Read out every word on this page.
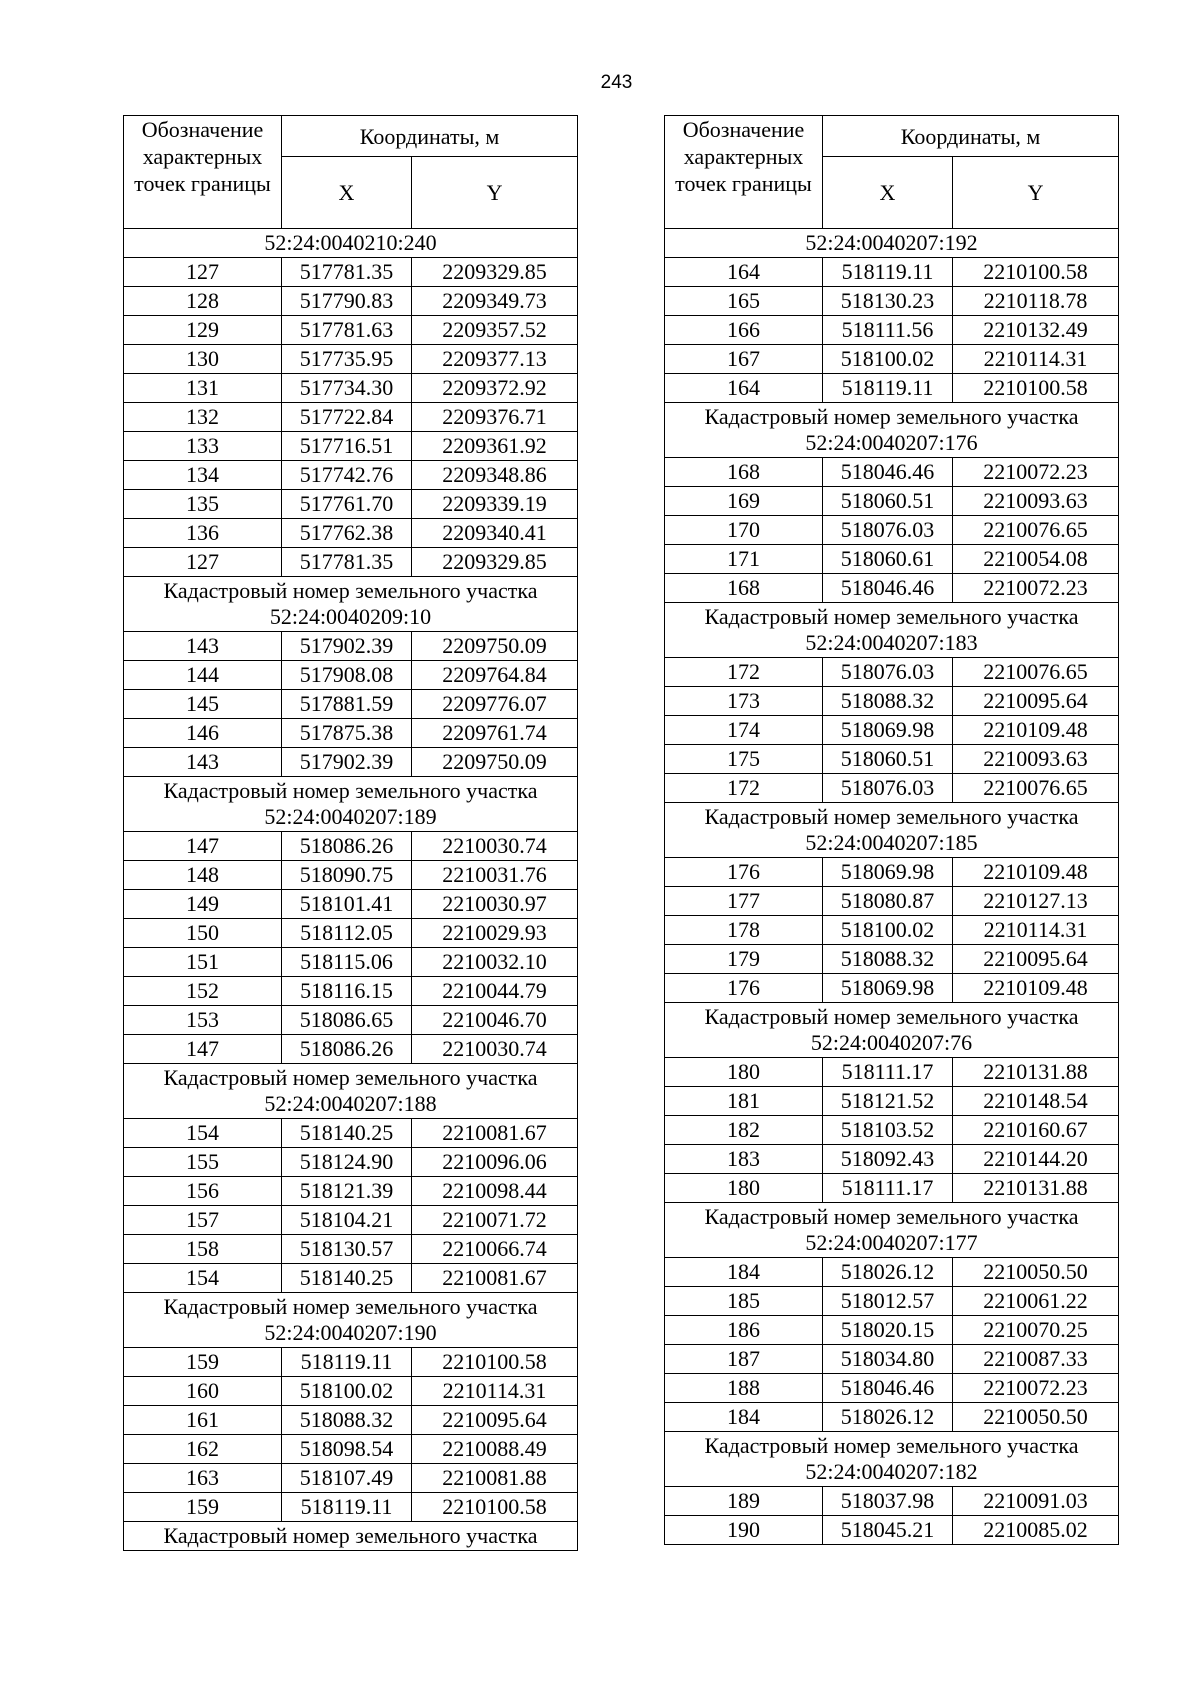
243
Обозначение характерных точек границы	Координаты, м	
	X	Y
52:24:0040210:240		
127	517781.35	2209329.85
128	517790.83	2209349.73
129	517781.63	2209357.52
130	517735.95	2209377.13
131	517734.30	2209372.92
132	517722.84	2209376.71
133	517716.51	2209361.92
134	517742.76	2209348.86
135	517761.70	2209339.19
136	517762.38	2209340.41
127	517781.35	2209329.85
Кадастровый номер земельного участка 52:24:0040209:10		
143	517902.39	2209750.09
144	517908.08	2209764.84
145	517881.59	2209776.07
146	517875.38	2209761.74
143	517902.39	2209750.09
Кадастровый номер земельного участка 52:24:0040207:189		
147	518086.26	2210030.74
148	518090.75	2210031.76
149	518101.41	2210030.97
150	518112.05	2210029.93
151	518115.06	2210032.10
152	518116.15	2210044.79
153	518086.65	2210046.70
147	518086.26	2210030.74
Кадастровый номер земельного участка 52:24:0040207:188		
154	518140.25	2210081.67
155	518124.90	2210096.06
156	518121.39	2210098.44
157	518104.21	2210071.72
158	518130.57	2210066.74
154	518140.25	2210081.67
Кадастровый номер земельного участка 52:24:0040207:190		
159	518119.11	2210100.58
160	518100.02	2210114.31
161	518088.32	2210095.64
162	518098.54	2210088.49
163	518107.49	2210081.88
159	518119.11	2210100.58
Кадастровый номер земельного участка		
Обозначение характерных точек границы	Координаты, м	
	X	Y
52:24:0040207:192		
164	518119.11	2210100.58
165	518130.23	2210118.78
166	518111.56	2210132.49
167	518100.02	2210114.31
164	518119.11	2210100.58
Кадастровый номер земельного участка 52:24:0040207:176		
168	518046.46	2210072.23
169	518060.51	2210093.63
170	518076.03	2210076.65
171	518060.61	2210054.08
168	518046.46	2210072.23
Кадастровый номер земельного участка 52:24:0040207:183		
172	518076.03	2210076.65
173	518088.32	2210095.64
174	518069.98	2210109.48
175	518060.51	2210093.63
172	518076.03	2210076.65
Кадастровый номер земельного участка 52:24:0040207:185		
176	518069.98	2210109.48
177	518080.87	2210127.13
178	518100.02	2210114.31
179	518088.32	2210095.64
176	518069.98	2210109.48
Кадастровый номер земельного участка 52:24:0040207:76		
180	518111.17	2210131.88
181	518121.52	2210148.54
182	518103.52	2210160.67
183	518092.43	2210144.20
180	518111.17	2210131.88
Кадастровый номер земельного участка 52:24:0040207:177		
184	518026.12	2210050.50
185	518012.57	2210061.22
186	518020.15	2210070.25
187	518034.80	2210087.33
188	518046.46	2210072.23
184	518026.12	2210050.50
Кадастровый номер земельного участка 52:24:0040207:182		
189	518037.98	2210091.03
190	518045.21	2210085.02
